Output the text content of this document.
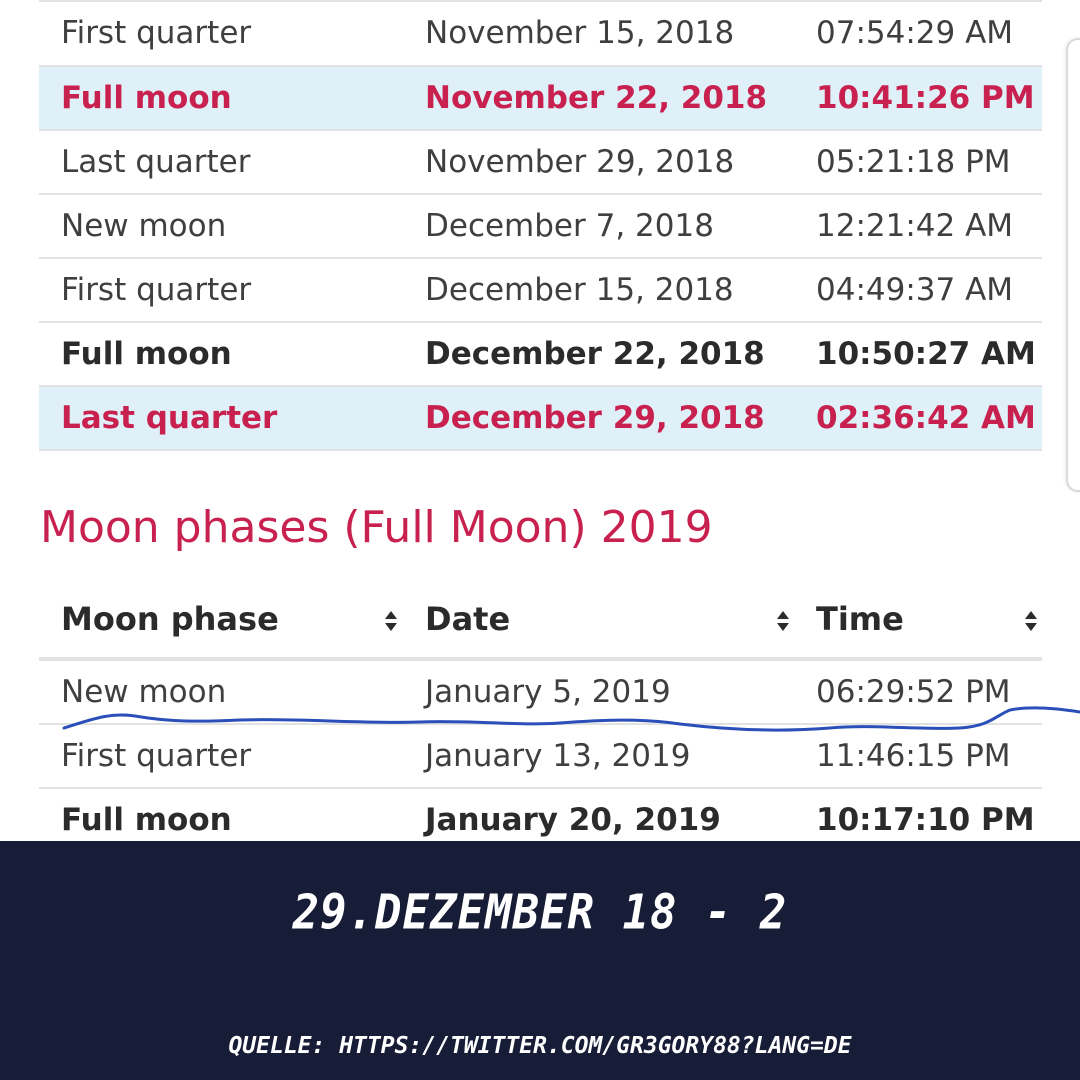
First quarter	November 15, 2018	07:54:29 AM
Full moon	November 22, 2018 10:41:26 PM
Last quarter	November 29, 2018	05:21:18 PM
New moon	December 7, 2018	12:21:42 AM
First quarter	December 15, 2018	04:49:37 AM
Full moon	December 22, 2018 10:50:27 AM
Last quarter	December 29, 2018 02:36:42 AM
Moon phases (Full Moon) 2019
Moon phase	Date	Time
New moon	January 5, 2019	06:29:52 PM
First quarter	January 13, 2019	11:46:15 PM
Full moon	January 20, 2019	10:17:10 PM
29.DEZEMBER 18 - 2
QUELLE: HTTPS://TWITTER.COM/GR3GORY88?LANG=DE
